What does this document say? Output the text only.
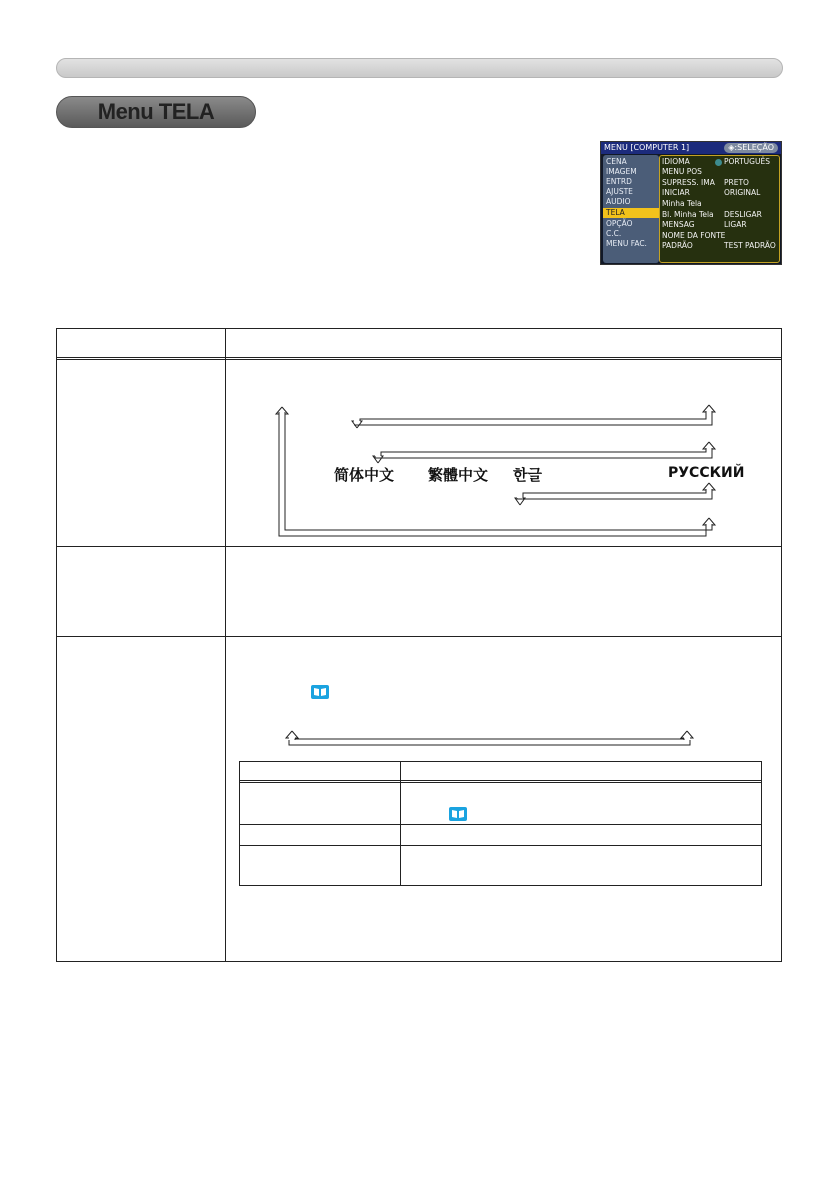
Menu TELA
MENU [COMPUTER 1]	◈:SELEÇÃO
CENA
IMAGEM
ENTRD
AJUSTE
AUDIO
TELA
OPÇÃO
C.C.
MENU FAC.
IDIOMA	PORTUGUÊS
MENU POS
SUPRESS. IMA PRETO
INICIAR	ORIGINAL
Minha Tela
Bl. Minha Tela DESLIGAR
MENSAG	LIGAR
NOME DA FONTE
PADRÃO	TEST PADRÃO
简体中文 繁體中文 한글	РУССКИЙ
